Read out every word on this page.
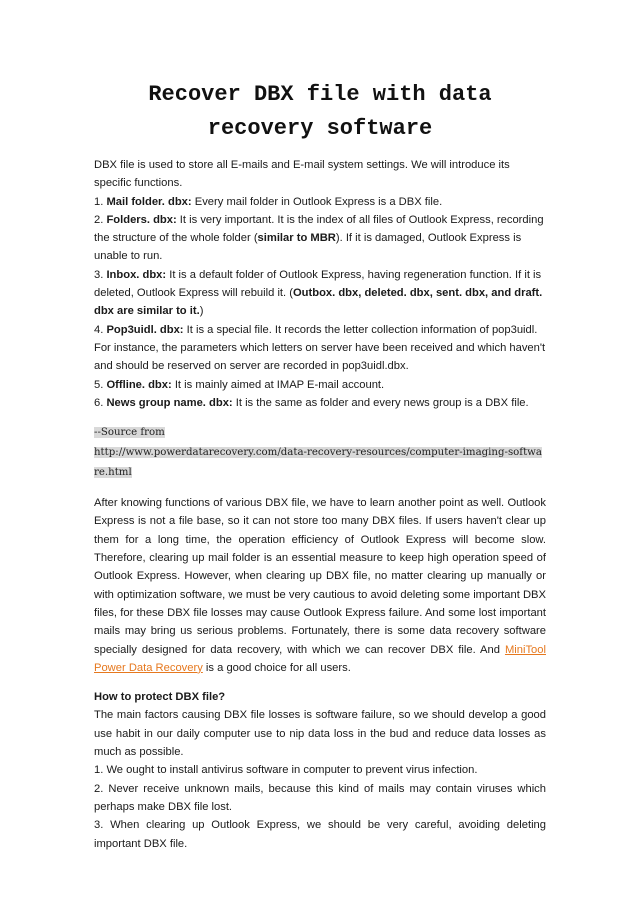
Recover DBX file with data
recovery software

DBX file is used to store all E-mails and E-mail system settings. We will introduce its specific functions.

1. Mail folder. dbx: Every mail folder in Outlook Express is a DBX file.

2. Folders. dbx: It is very important. It is the index of all files of Outlook Express, recording the structure of the whole folder (similar to MBR). If it is damaged, Outlook Express is unable to run.

3. Inbox. dbx: It is a default folder of Outlook Express, having regeneration function. If it is deleted, Outlook Express will rebuild it. (Outbox. dbx, deleted. dbx, sent. dbx, and draft. dbx are similar to it.)

4. Pop3uidl. dbx: It is a special file. It records the letter collection information of pop3uidl. For instance, the parameters which letters on server have been received and which haven't and should be reserved on server are recorded in pop3uidl.dbx.

5. Offline. dbx: It is mainly aimed at IMAP E-mail account.

6. News group name. dbx: It is the same as folder and every news group is a DBX file.

--Source from
http://www.powerdatarecovery.com/data-recovery-resources/computer-imaging-software.html

After knowing functions of various DBX file, we have to learn another point as well. Outlook Express is not a file base, so it can not store too many DBX files. If users haven't clear up them for a long time, the operation efficiency of Outlook Express will become slow. Therefore, clearing up mail folder is an essential measure to keep high operation speed of Outlook Express. However, when clearing up DBX file, no matter clearing up manually or with optimization software, we must be very cautious to avoid deleting some important DBX files, for these DBX file losses may cause Outlook Express failure. And some lost important mails may bring us serious problems. Fortunately, there is some data recovery software specially designed for data recovery, with which we can recover DBX file. And MiniTool Power Data Recovery is a good choice for all users.

How to protect DBX file?

The main factors causing DBX file losses is software failure, so we should develop a good use habit in our daily computer use to nip data loss in the bud and reduce data losses as much as possible.

1. We ought to install antivirus software in computer to prevent virus infection.

2. Never receive unknown mails, because this kind of mails may contain viruses which perhaps make DBX file lost.

3. When clearing up Outlook Express, we should be very careful, avoiding deleting important DBX file.
